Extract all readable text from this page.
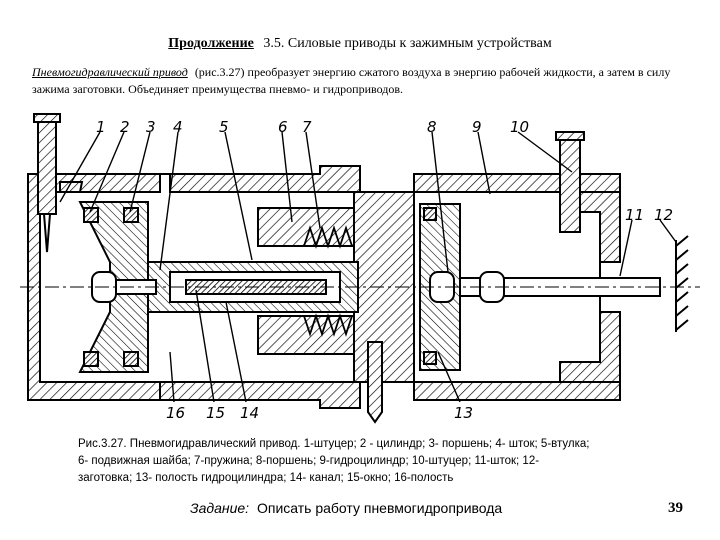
Продолжение 3.5. Силовые приводы к зажимным устройствам
Пневмогидравлический привод (рис.3.27) преобразует энергию сжатого воздуха в энергию рабочей жидкости, а затем в силу зажима заготовки. Объединяет преимущества пневмо- и гидроприводов.
1 2 3 4 5	6 7	8 9 10
11 12
13
14
15
16
Рис.3.27. Пневмогидравлический привод. 1-штуцер; 2 - цилиндр; 3- поршень; 4- шток; 5-втулка;
6- подвижная шайба; 7-пружина; 8-поршень; 9-гидроцилиндр; 10-штуцер; 11-шток; 12-
заготовка; 13- полость гидроцилиндра; 14- канал; 15-окно; 16-полость
Задание: Описать работу пневмогидропривода	39
